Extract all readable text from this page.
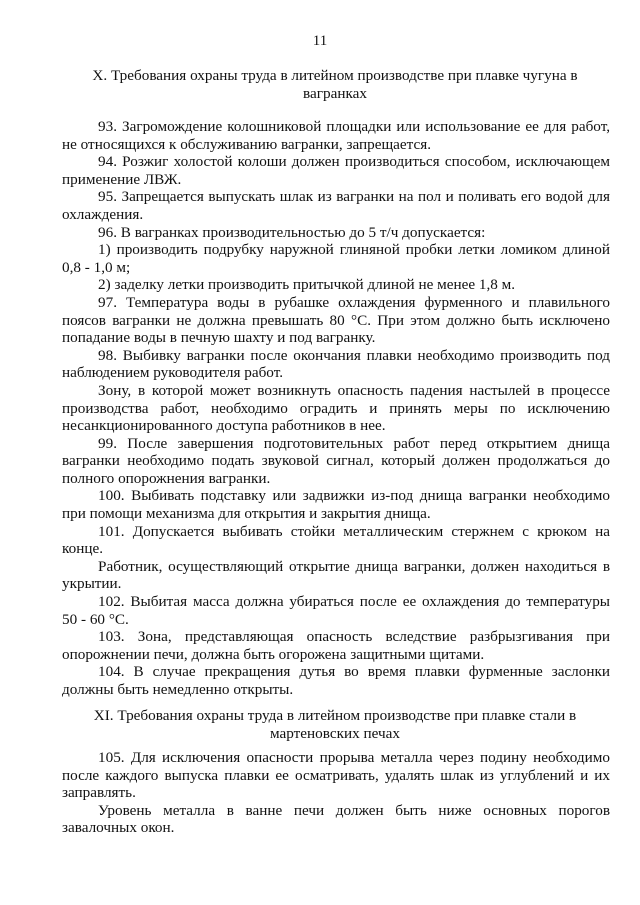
11
X. Требования охраны труда в литейном производстве при плавке чугуна в вагранках

93. Загромождение колошниковой площадки или использование ее для работ, не относящихся к обслуживанию вагранки, запрещается.

94. Розжиг холостой колоши должен производиться способом, исключающем применение ЛВЖ.

95. Запрещается выпускать шлак из вагранки на пол и поливать его водой для охлаждения.

96. В вагранках производительностью до 5 т/ч допускается:

1) производить подрубку наружной глиняной пробки летки ломиком длиной 0,8 - 1,0 м;

2) заделку летки производить притычкой длиной не менее 1,8 м.

97. Температура воды в рубашке охлаждения фурменного и плавильного поясов вагранки не должна превышать 80 °С. При этом должно быть исключено попадание воды в печную шахту и под вагранку.

98. Выбивку вагранки после окончания плавки необходимо производить под наблюдением руководителя работ.

Зону, в которой может возникнуть опасность падения настылей в процессе производства работ, необходимо оградить и принять меры по исключению несанкционированного доступа работников в нее.

99. После завершения подготовительных работ перед открытием днища вагранки необходимо подать звуковой сигнал, который должен продолжаться до полного опорожнения вагранки.

100. Выбивать подставку или задвижки из-под днища вагранки необходимо при помощи механизма для открытия и закрытия днища.

101. Допускается выбивать стойки металлическим стержнем с крюком на конце.

Работник, осуществляющий открытие днища вагранки, должен находиться в укрытии.

102. Выбитая масса должна убираться после ее охлаждения до температуры 50 - 60 °С.

103. Зона, представляющая опасность вследствие разбрызгивания при опорожнении печи, должна быть огорожена защитными щитами.

104. В случае прекращения дутья во время плавки фурменные заслонки должны быть немедленно открыты.

XI. Требования охраны труда в литейном производстве при плавке стали в мартеновских печах

105. Для исключения опасности прорыва металла через подину необходимо после каждого выпуска плавки ее осматривать, удалять шлак из углублений и их заправлять.

Уровень металла в ванне печи должен быть ниже основных порогов завалочных окон.
